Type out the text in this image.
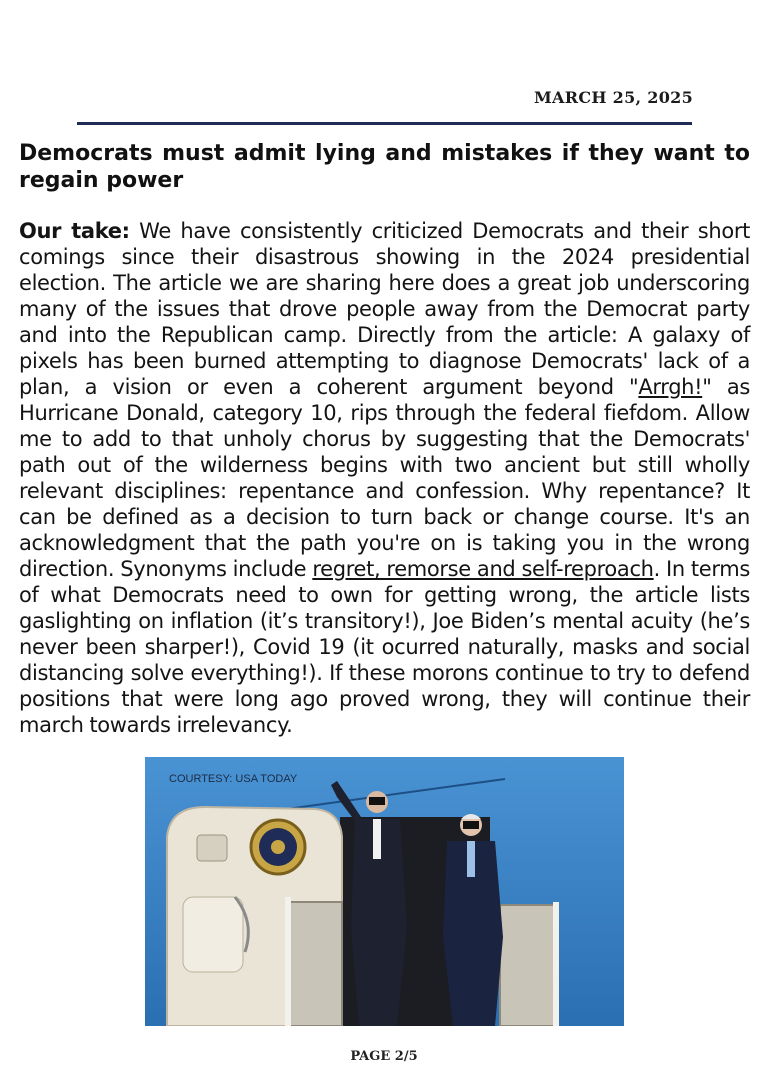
MARCH 25, 2025
Democrats must admit lying and mistakes if they want to regain power

Our take: We have consistently criticized Democrats and their short comings since their disastrous showing in the 2024 presidential election. The article we are sharing here does a great job underscoring many of the issues that drove people away from the Democrat party and into the Republican camp. Directly from the article: A galaxy of pixels has been burned attempting to diagnose Democrats' lack of a plan, a vision or even a coherent argument beyond "Arrgh!" as Hurricane Donald, category 10, rips through the federal fiefdom. Allow me to add to that unholy chorus by suggesting that the Democrats' path out of the wilderness begins with two ancient but still wholly relevant disciplines: repentance and confession. Why repentance? It can be defined as a decision to turn back or change course. It's an acknowledgment that the path you're on is taking you in the wrong direction. Synonyms include regret, remorse and self-reproach. In terms of what Democrats need to own for getting wrong, the article lists gaslighting on inflation (it’s transitory!), Joe Biden’s mental acuity (he’s never been sharper!), Covid 19 (it ocurred naturally, masks and social distancing solve everything!). If these morons continue to try to defend positions that were long ago proved wrong, they will continue their march towards irrelevancy.

COURTESY: USA TODAY
PAGE 2/5
